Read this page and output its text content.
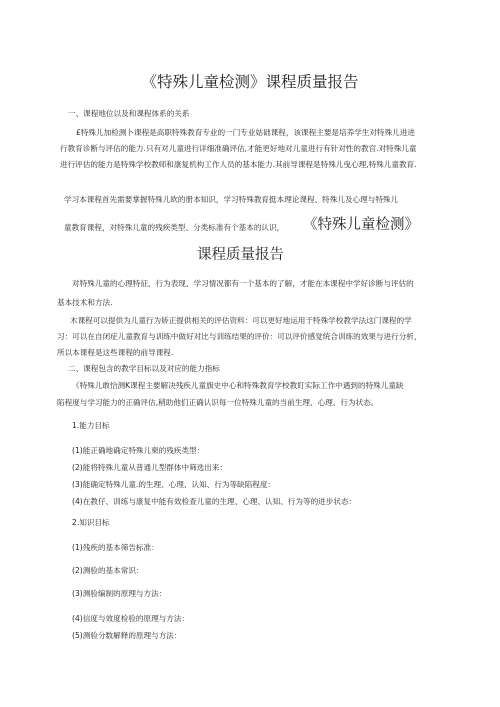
《特殊儿童检测》课程质量报告
一、课程地位以及和课程体系的关系
£特殊儿加检测卜课程是高职特殊教育专业的一门专业姑础课程，该课程主要是培养学生对特殊儿进进
行教育诊断与评估的能力.只有对儿童进行详细准确评估,才能更好地对儿童进行有针对性的教官.对特殊儿童
进行评估的能力是特殊学校教师和康复机构工作人员的基本能力.其前导课程是特殊儿曳心理,特殊儿童教育.
学习本课程首先需要掌握特殊儿欧的册本知识，学习特殊教育挺本理论课程、特殊儿及心理与特殊儿
童教育课程，对特殊儿童的残疾类型、分类标准有个基本的认识， 《特殊儿童检测》
课程质量报告
对特殊儿童的心理特征、行为表现、学习情况都有一个基本的了解，才能在本课程中学好诊断与评估的
基本技术和方法.
木课程可以提供为儿童行为矫正提供相关的评估资料：可以更好地运用于特殊学校教学法这门课程的学
习：可以在自闭症儿童教育与训练中做好对比与训练结果的评价：可以评价感觉统合训练的效果与进行分析，
所以本课程是这些课程的前导课程.
二、课程包含的教学目标以及对应的能力指标
《特殊儿敢恰测K课程主要解决残疾儿童旗史中心和特殊教育学校教盯实际工作中遇到的特殊儿童缺
陷程度与学习能力的正确评估,稍助他们正确认识每一位特殊儿童的当前生理、心理、行为状态。
1.能力目标
(1)能正确地确定特殊儿柬的残疾类型：
(2)能将特殊儿童从普通儿型群体中筛选出来：
(3)能确定特殊儿童.的生理、心理、认知、行为等缺陷程度：
(4)在教仔、训练与康复中能有效检查儿童的生理、心理、认知、行为等的进步状态：
2.知识目标
(1)残疾的基本筛告标准：
(2)测验的基本常识：
(3)测验编制的原理与方法：
(4)信度与效度检验的原理与方法：
(5)测验分数解释的原理与方法：
